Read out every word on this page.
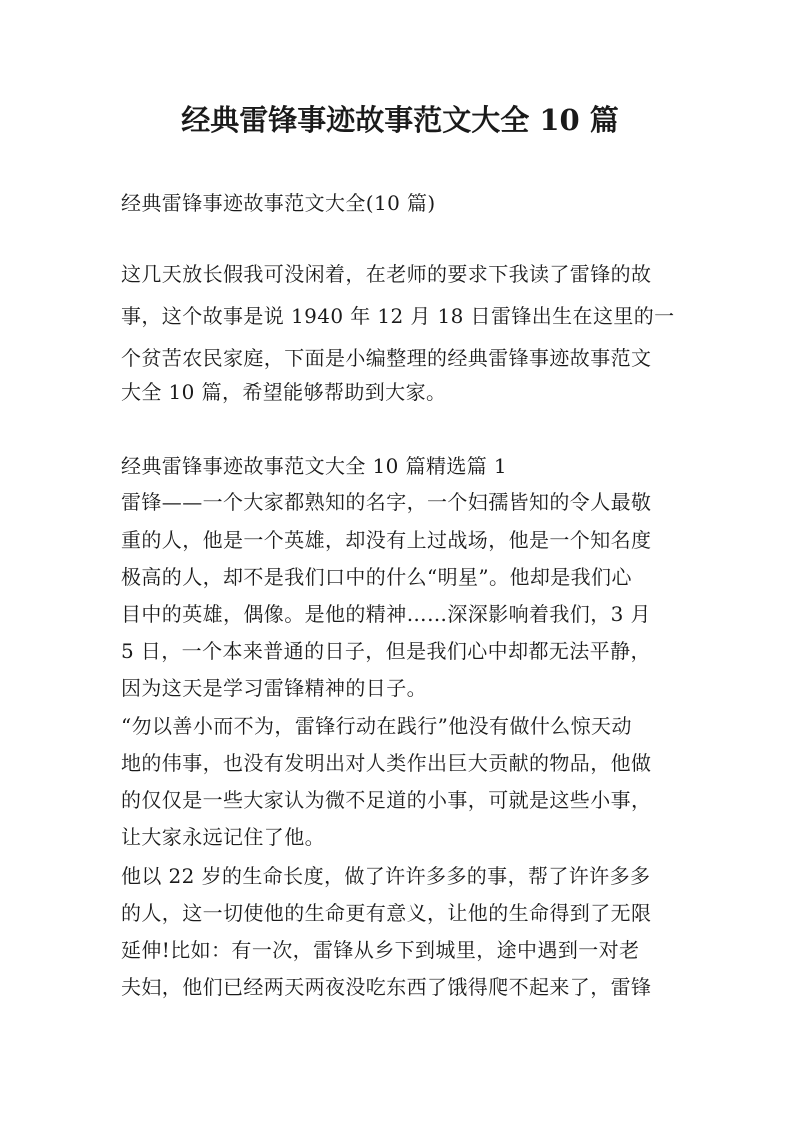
经典雷锋事迹故事范文大全 10 篇
经典雷锋事迹故事范文大全(10 篇)
这几天放长假我可没闲着，在老师的要求下我读了雷锋的故
事，这个故事是说 1940 年 12 月 18 日雷锋出生在这里的一
个贫苦农民家庭，下面是小编整理的经典雷锋事迹故事范文
大全 10 篇，希望能够帮助到大家。
经典雷锋事迹故事范文大全 10 篇精选篇 1
雷锋——一个大家都熟知的名字，一个妇孺皆知的令人最敬
重的人，他是一个英雄，却没有上过战场，他是一个知名度
极高的人，却不是我们口中的什么“明星”。他却是我们心
目中的英雄，偶像。是他的精神……深深影响着我们，3 月
5 日，一个本来普通的日子，但是我们心中却都无法平静，
因为这天是学习雷锋精神的日子。
“勿以善小而不为，雷锋行动在践行”他没有做什么惊天动
地的伟事，也没有发明出对人类作出巨大贡献的物品，他做
的仅仅是一些大家认为微不足道的小事，可就是这些小事，
让大家永远记住了他。
他以 22 岁的生命长度，做了许许多多的事，帮了许许多多
的人，这一切使他的生命更有意义，让他的生命得到了无限
延伸!比如：有一次，雷锋从乡下到城里，途中遇到一对老
夫妇，他们已经两天两夜没吃东西了饿得爬不起来了，雷锋
